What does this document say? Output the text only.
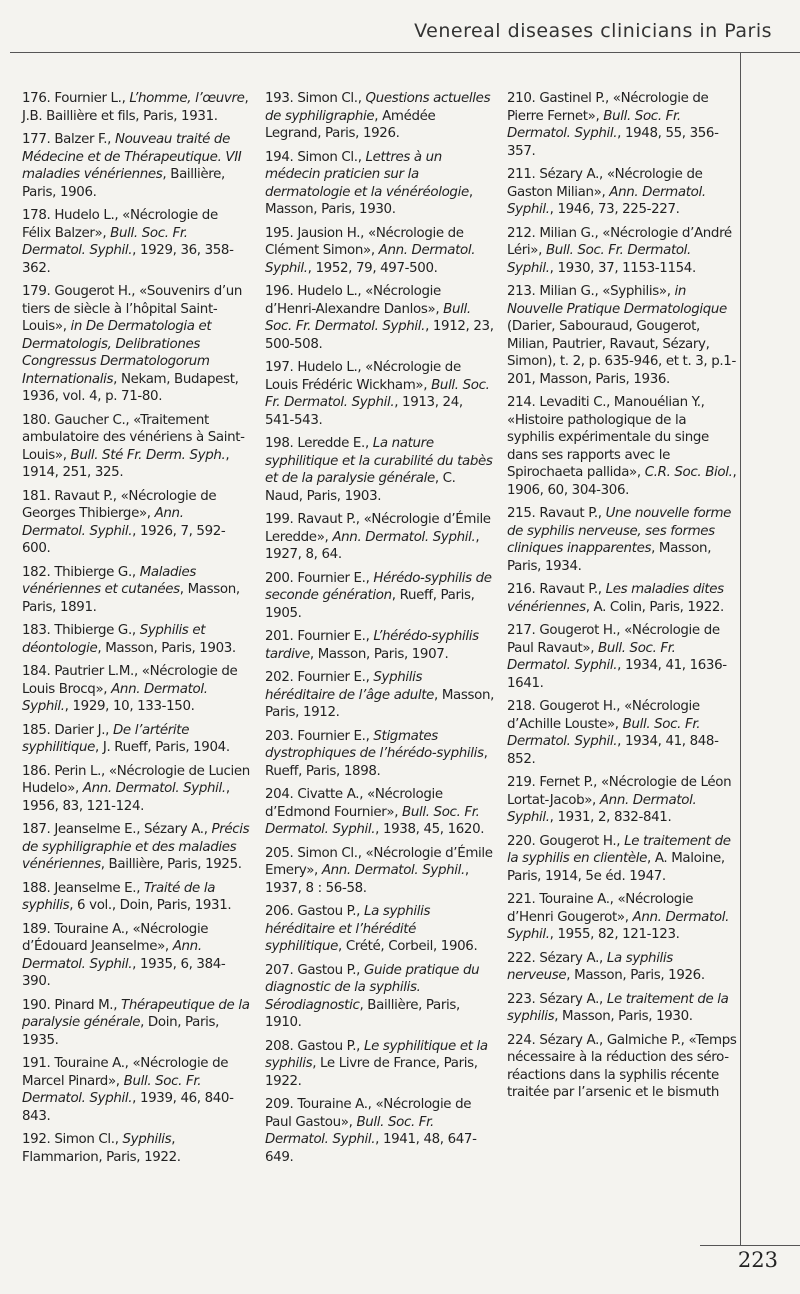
Venereal diseases clinicians in Paris

176. Fournier L., L’homme, l’œuvre, J.B. Baillière et fils, Paris, 1931.

177. Balzer F., Nouveau traité de Médecine et de Thérapeutique. VII maladies vénériennes, Baillière, Paris, 1906.

178. Hudelo L., «Nécrologie de Félix Balzer», Bull. Soc. Fr. Dermatol. Syphil., 1929, 36, 358-362.

179. Gougerot H., «Souvenirs d’un tiers de siècle à l’hôpital Saint-Louis», in De Dermatologia et Dermatologis, Delibrationes Congressus Dermatologorum Internationalis, Nekam, Budapest, 1936, vol. 4, p. 71-80.

180. Gaucher C., «Traitement ambulatoire des vénériens à Saint-Louis», Bull. Sté Fr. Derm. Syph., 1914, 251, 325.

181. Ravaut P., «Nécrologie de Georges Thibierge», Ann. Dermatol. Syphil., 1926, 7, 592-600.

182. Thibierge G., Maladies vénériennes et cutanées, Masson, Paris, 1891.

183. Thibierge G., Syphilis et déontologie, Masson, Paris, 1903.

184. Pautrier L.M., «Nécrologie de Louis Brocq», Ann. Dermatol. Syphil., 1929, 10, 133-150.

185. Darier J., De l’artérite syphilitique, J. Rueff, Paris, 1904.

186. Perin L., «Nécrologie de Lucien Hudelo», Ann. Dermatol. Syphil., 1956, 83, 121-124.

187. Jeanselme E., Sézary A., Précis de syphiligraphie et des maladies vénériennes, Baillière, Paris, 1925.

188. Jeanselme E., Traité de la syphilis, 6 vol., Doin, Paris, 1931.

189. Touraine A., «Nécrologie d’Édouard Jeanselme», Ann. Dermatol. Syphil., 1935, 6, 384-390.

190. Pinard M., Thérapeutique de la paralysie générale, Doin, Paris, 1935.

191. Touraine A., «Nécrologie de Marcel Pinard», Bull. Soc. Fr. Dermatol. Syphil., 1939, 46, 840-843.

192. Simon Cl., Syphilis, Flammarion, Paris, 1922.

193. Simon Cl., Questions actuelles de syphiligraphie, Amédée Legrand, Paris, 1926.

194. Simon Cl., Lettres à un médecin praticien sur la dermatologie et la vénéréologie, Masson, Paris, 1930.

195. Jausion H., «Nécrologie de Clément Simon», Ann. Dermatol. Syphil., 1952, 79, 497-500.

196. Hudelo L., «Nécrologie d’Henri-Alexandre Danlos», Bull. Soc. Fr. Dermatol. Syphil., 1912, 23, 500-508.

197. Hudelo L., «Nécrologie de Louis Frédéric Wickham», Bull. Soc. Fr. Dermatol. Syphil., 1913, 24, 541-543.

198. Leredde E., La nature syphilitique et la curabilité du tabès et de la paralysie générale, C. Naud, Paris, 1903.

199. Ravaut P., «Nécrologie d’Émile Leredde», Ann. Dermatol. Syphil., 1927, 8, 64.

200. Fournier E., Hérédo-syphilis de seconde génération, Rueff, Paris, 1905.

201. Fournier E., L’hérédo-syphilis tardive, Masson, Paris, 1907.

202. Fournier E., Syphilis héréditaire de l’âge adulte, Masson, Paris, 1912.

203. Fournier E., Stigmates dystrophiques de l’hérédo-syphilis, Rueff, Paris, 1898.

204. Civatte A., «Nécrologie d’Edmond Fournier», Bull. Soc. Fr. Dermatol. Syphil., 1938, 45, 1620.

205. Simon Cl., «Nécrologie d’Émile Emery», Ann. Dermatol. Syphil., 1937, 8 : 56-58.

206. Gastou P., La syphilis héréditaire et l’hérédité syphilitique, Crété, Corbeil, 1906.

207. Gastou P., Guide pratique du diagnostic de la syphilis. Sérodiagnostic, Baillière, Paris, 1910.

208. Gastou P., Le syphilitique et la syphilis, Le Livre de France, Paris, 1922.

209. Touraine A., «Nécrologie de Paul Gastou», Bull. Soc. Fr. Dermatol. Syphil., 1941, 48, 647-649.

210. Gastinel P., «Nécrologie de Pierre Fernet», Bull. Soc. Fr. Dermatol. Syphil., 1948, 55, 356-357.

211. Sézary A., «Nécrologie de Gaston Milian», Ann. Dermatol. Syphil., 1946, 73, 225-227.

212. Milian G., «Nécrologie d’André Léri», Bull. Soc. Fr. Dermatol. Syphil., 1930, 37, 1153-1154.

213. Milian G., «Syphilis», in Nouvelle Pratique Dermatologique (Darier, Sabouraud, Gougerot, Milian, Pautrier, Ravaut, Sézary, Simon), t. 2, p. 635-946, et t. 3, p.1-201, Masson, Paris, 1936.

214. Levaditi C., Manouélian Y., «Histoire pathologique de la syphilis expérimentale du singe dans ses rapports avec le Spirochaeta pallida», C.R. Soc. Biol., 1906, 60, 304-306.

215. Ravaut P., Une nouvelle forme de syphilis nerveuse, ses formes cliniques inapparentes, Masson, Paris, 1934.

216. Ravaut P., Les maladies dites vénériennes, A. Colin, Paris, 1922.

217. Gougerot H., «Nécrologie de Paul Ravaut», Bull. Soc. Fr. Dermatol. Syphil., 1934, 41, 1636-1641.

218. Gougerot H., «Nécrologie d’Achille Louste», Bull. Soc. Fr. Dermatol. Syphil., 1934, 41, 848-852.

219. Fernet P., «Nécrologie de Léon Lortat-Jacob», Ann. Dermatol. Syphil., 1931, 2, 832-841.

220. Gougerot H., Le traitement de la syphilis en clientèle, A. Maloine, Paris, 1914, 5e éd. 1947.

221. Touraine A., «Nécrologie d’Henri Gougerot», Ann. Dermatol. Syphil., 1955, 82, 121-123.

222. Sézary A., La syphilis nerveuse, Masson, Paris, 1926.

223. Sézary A., Le traitement de la syphilis, Masson, Paris, 1930.

224. Sézary A., Galmiche P., «Temps nécessaire à la réduction des séro-réactions dans la syphilis récente traitée par l’arsenic et le bismuth

223
